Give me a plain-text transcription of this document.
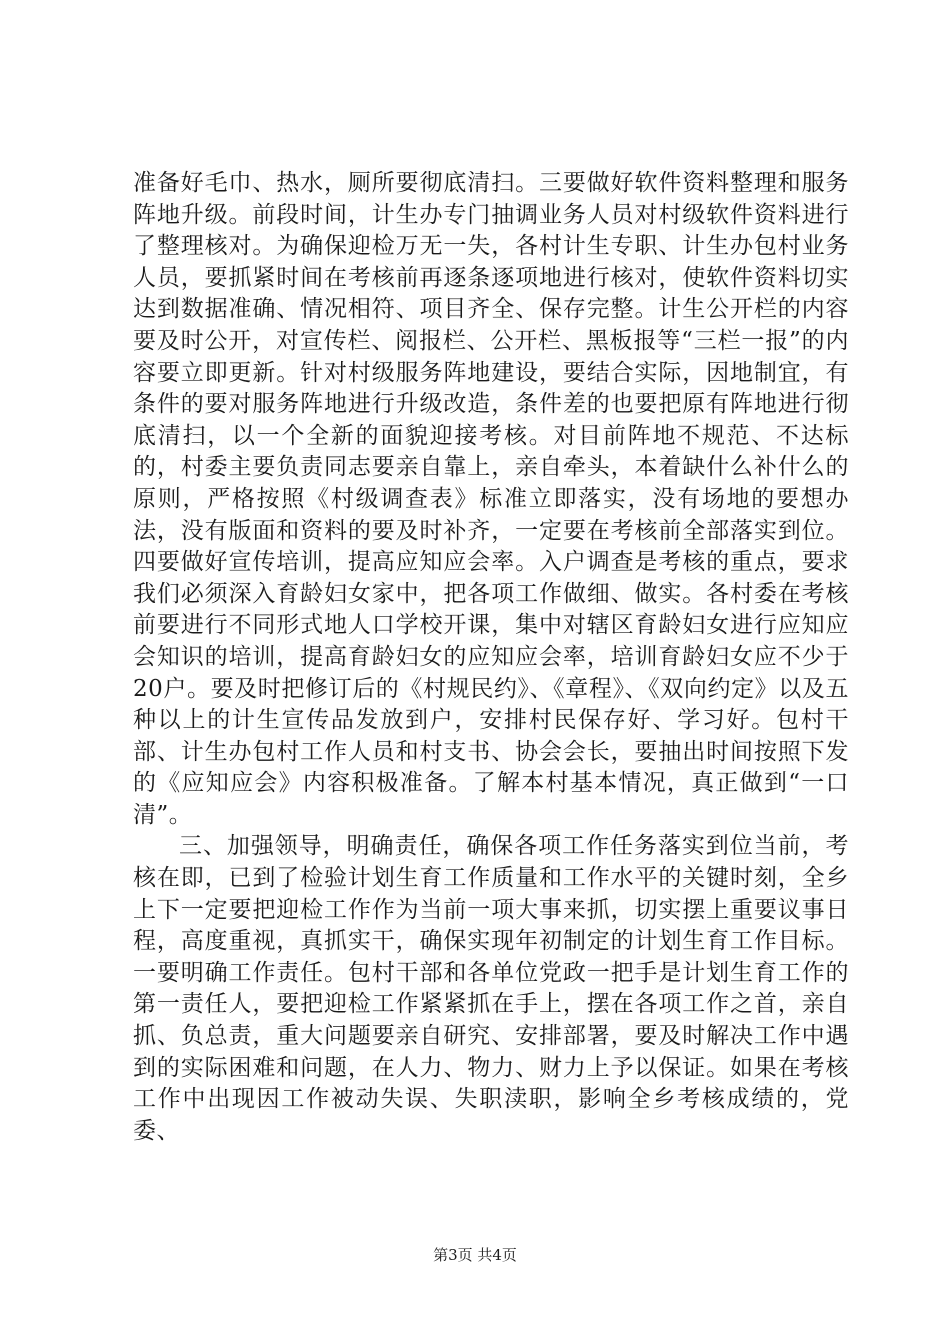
准备好毛巾、热水，厕所要彻底清扫。三要做好软件资料整理和服务阵地升级。前段时间，计生办专门抽调业务人员对村级软件资料进行了整理核对。为确保迎检万无一失，各村计生专职、计生办包村业务人员，要抓紧时间在考核前再逐条逐项地进行核对，使软件资料切实达到数据准确、情况相符、项目齐全、保存完整。计生公开栏的内容要及时公开，对宣传栏、阅报栏、公开栏、黑板报等“三栏一报”的内容要立即更新。针对村级服务阵地建设，要结合实际，因地制宜，有条件的要对服务阵地进行升级改造，条件差的也要把原有阵地进行彻底清扫，以一个全新的面貌迎接考核。对目前阵地不规范、不达标的，村委主要负责同志要亲自靠上，亲自牵头，本着缺什么补什么的原则，严格按照《村级调查表》标准立即落实，没有场地的要想办法，没有版面和资料的要及时补齐，一定要在考核前全部落实到位。四要做好宣传培训，提高应知应会率。入户调查是考核的重点，要求我们必须深入育龄妇女家中，把各项工作做细、做实。各村委在考核前要进行不同形式地人口学校开课，集中对辖区育龄妇女进行应知应会知识的培训，提高育龄妇女的应知应会率，培训育龄妇女应不少于20户。要及时把修订后的《村规民约》、《章程》、《双向约定》以及五种以上的计生宣传品发放到户，安排村民保存好、学习好。包村干部、计生办包村工作人员和村支书、协会会长，要抽出时间按照下发的《应知应会》内容积极准备。了解本村基本情况，真正做到“一口清”。

三、加强领导，明确责任，确保各项工作任务落实到位当前，考核在即，已到了检验计划生育工作质量和工作水平的关键时刻，全乡上下一定要把迎检工作作为当前一项大事来抓，切实摆上重要议事日程，高度重视，真抓实干，确保实现年初制定的计划生育工作目标。一要明确工作责任。包村干部和各单位党政一把手是计划生育工作的第一责任人，要把迎检工作紧紧抓在手上，摆在各项工作之首，亲自抓、负总责，重大问题要亲自研究、安排部署，要及时解决工作中遇到的实际困难和问题，在人力、物力、财力上予以保证。如果在考核工作中出现因工作被动失误、失职渎职，影响全乡考核成绩的，党委、

第3页 共4页
